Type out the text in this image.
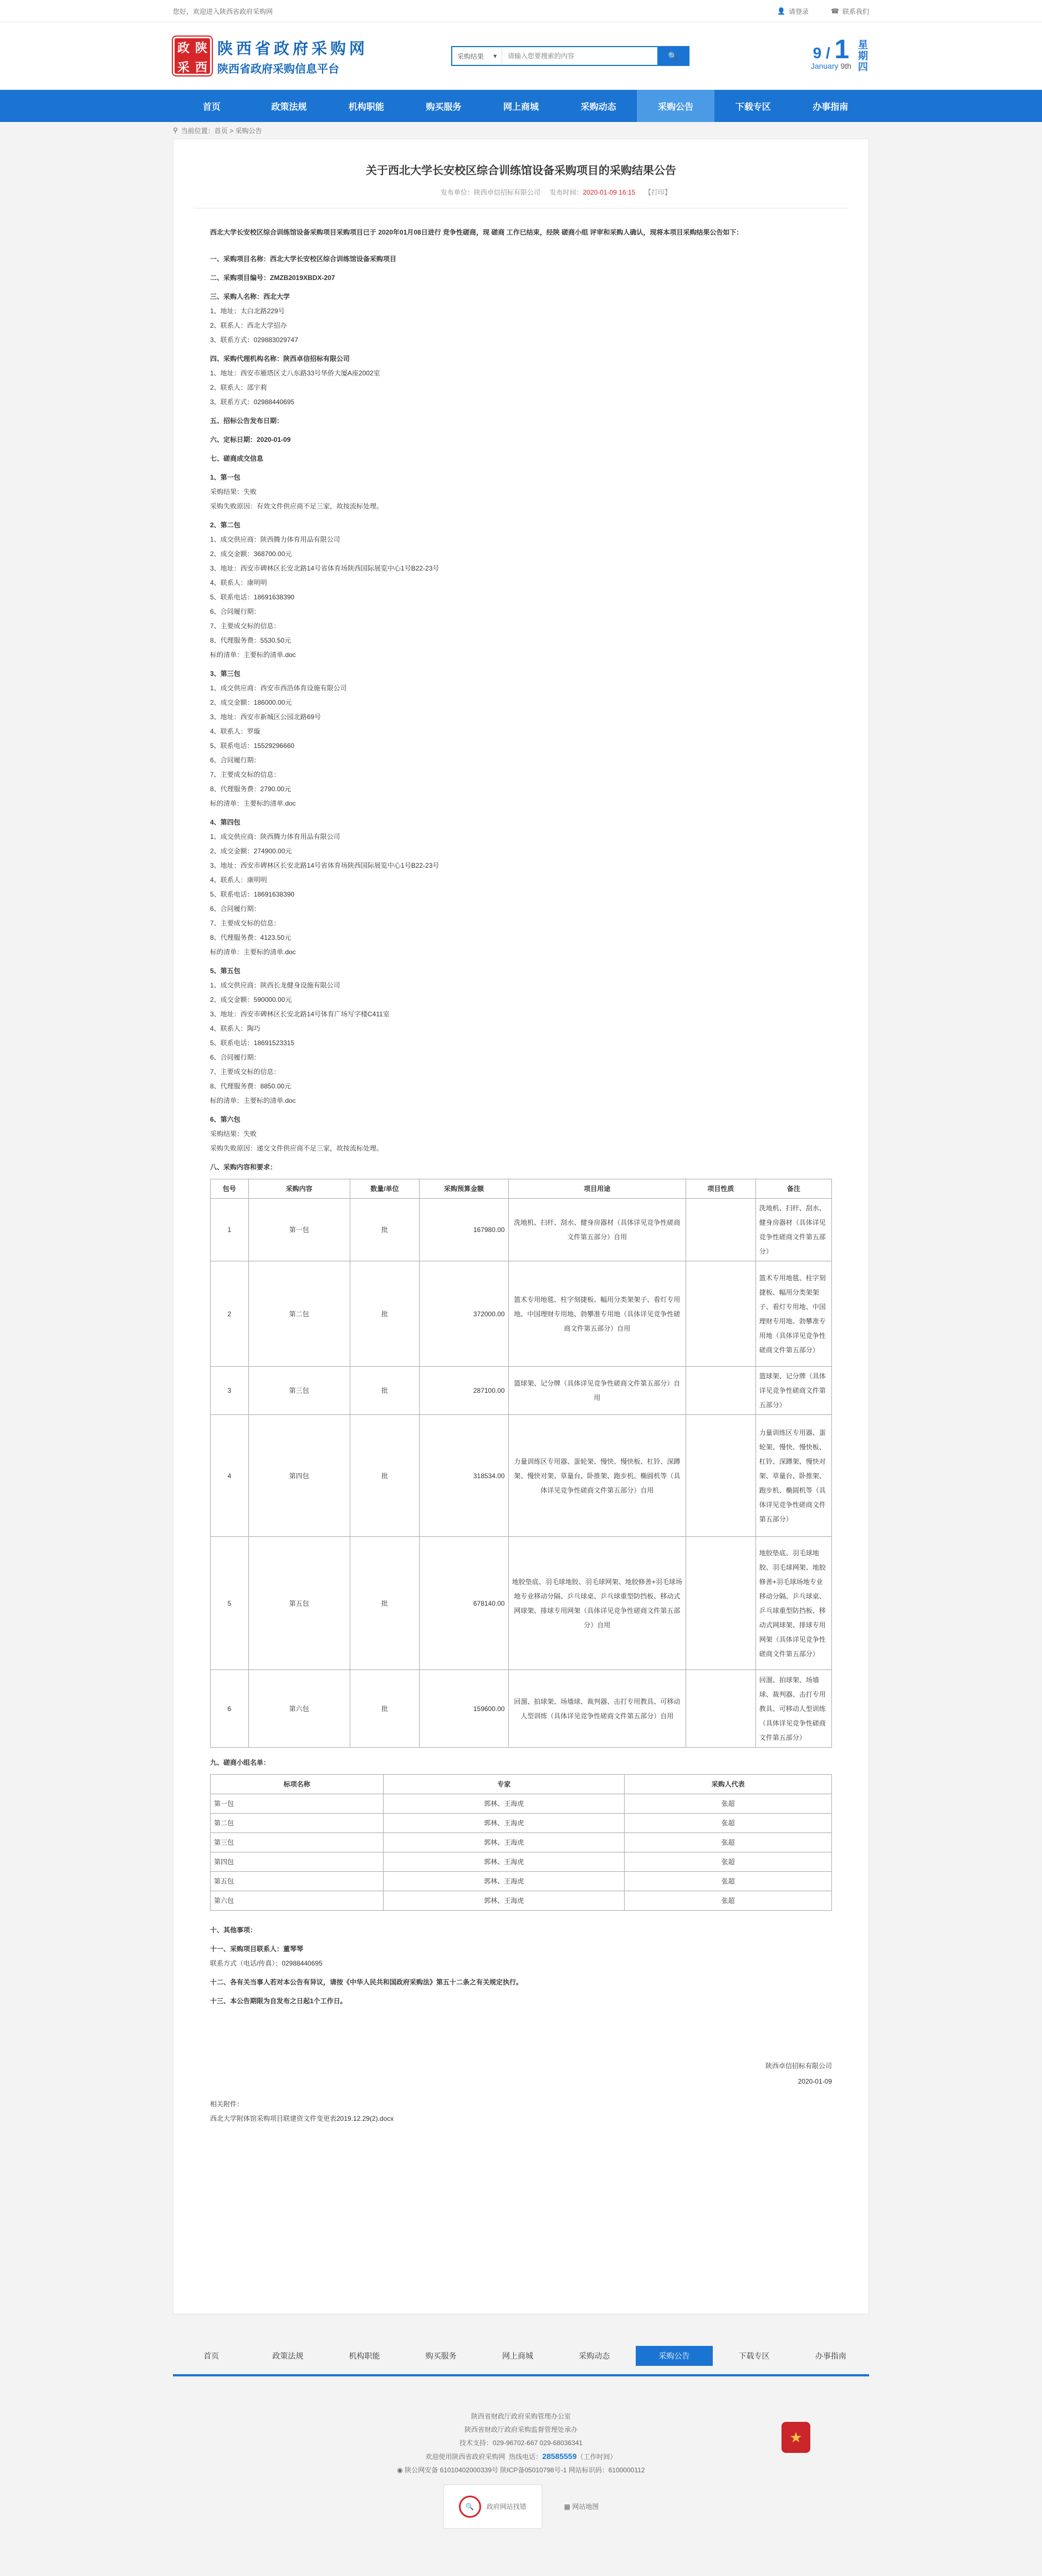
您好，欢迎进入陕西省政府采购网	👤 请登录	☎ 联系我们
政 陕
采 西
陕西省政府采购网
陕西省政府采购信息平台
采购结果 ▾
请输入您要搜索的内容	🔍	9 / 1
January 9th
星期四
首页	政策法规	机构职能	购买服务	网上商城	采购动态	采购公告	下载专区	办事指南
⚲ 当前位置：首页 > 采购公告
关于西北大学长安校区综合训练馆设备采购项目的采购结果公告
发布单位：陕西卓信招标有限公司 发布时间：2020-01-09 16:15 【打印】

西北大学长安校区综合训练馆设备采购项目采购项目已于 2020年01月08日进行 竞争性磋商，现 磋商 工作已结束，经陕 磋商小组 评审和采购人确认，现将本项目采购结果公告如下：

一、采购项目名称：西北大学长安校区综合训练馆设备采购项目

二、采购项目编号：ZMZB2019XBDX-207

三、采购人名称：西北大学

1、地址：太白北路229号

2、联系人：西北大学招办

3、联系方式：029883029747

四、采购代理机构名称：陕西卓信招标有限公司

1、地址：西安市雁塔区丈八东路33号华侨大厦A座2002室

2、联系人：邵宇莉

3、联系方式：02988440695

五、招标公告发布日期：

六、定标日期：2020-01-09

七、磋商成交信息

1、第一包

采购结果：失败

采购失败原因：有效文件供应商不足三家，故按流标处理。

2、第二包

1、成交供应商：陕西腾力体育用品有限公司

2、成交金额：368700.00元

3、地址：西安市碑林区长安北路14号省体育场陕西国际展览中心1号B22-23号

4、联系人：康明明

5、联系电话：18691638390

6、合同履行期：

7、主要成交标的信息：

8、代理服务费：5530.50元

标的清单：主要标的清单.doc

3、第三包

1、成交供应商：西安市西浩体育设施有限公司

2、成交金额：186000.00元

3、地址：西安市新城区公园北路69号

4、联系人：罗璇

5、联系电话：15529296660

6、合同履行期：

7、主要成交标的信息：

8、代理服务费：2790.00元

标的清单：主要标的清单.doc

4、第四包

1、成交供应商：陕西腾力体育用品有限公司

2、成交金额：274900.00元

3、地址：西安市碑林区长安北路14号省体育场陕西国际展览中心1号B22-23号

4、联系人：康明明

5、联系电话：18691638390

6、合同履行期：

7、主要成交标的信息：

8、代理服务费：4123.50元

标的清单：主要标的清单.doc

5、第五包

1、成交供应商：陕西长龙健身设施有限公司

2、成交金额：590000.00元

3、地址：西安市碑林区长安北路14号体育广场写字楼C411室

4、联系人：陶巧

5、联系电话：18691523315

6、合同履行期：

7、主要成交标的信息：

8、代理服务费：8850.00元

标的清单：主要标的清单.doc

6、第六包

采购结果：失败

采购失败原因：递交文件供应商不足三家，故按流标处理。

八、采购内容和要求：

包号	采购内容	数量/单位	采购预算金额	项目用途	项目性质	备注
1	第一包	批	167980.00	洗地机、扫杆、刮水、健身房器材（具体详见竞争性磋商文件第五部分）自用		洗地机、扫杆、刮水、健身房器材（具体详见竞争性磋商文件第五部分）
2	第二包	批	372000.00	篮术专用地毯、柱字刻捷板、幅用分类架架子、看灯专用地、中国理财专用地、勃攀准专用地（具体详见竞争性磋商文件第五部分）自用		篮术专用地毯、柱字刻捷板、幅用分类架架子、看灯专用地、中国理财专用地、勃攀准专用地（具体详见竞争性磋商文件第五部分）
3	第三包	批	287100.00	篮球架、记分牌（具体详见竞争性磋商文件第五部分）自用		篮球架、记分牌（具体详见竞争性磋商文件第五部分）
4	第四包	批	318534.00	力量训练区专用器、蛋轮架、慢快、慢快板、杠铃、深蹲架、慢快对架、草量台、卧推架、跑步机、椭圆机等（具体详见竞争性磋商文件第五部分）自用		力量训练区专用器、蛋轮架、慢快、慢快板、杠铃、深蹲架、慢快对架、草量台、卧推架、跑步机、椭圆机等（具体详见竞争性磋商文件第五部分）
5	第五包	批	678140.00	地胶垫底、羽毛球地胶、羽毛球网架、地胶修善+羽毛球场地专业移动分隔、乒乓球桌、乒乓球重型防挡板、移动式网球架、排球专用网架（具体详见竞争性磋商文件第五部分）自用		地胶垫底、羽毛球地胶、羽毛球网架、地胶修善+羽毛球场地专业移动分隔、乒乓球桌、乒乓球重型防挡板、移动式网球架、排球专用网架（具体详见竞争性磋商文件第五部分）
6	第六包	批	159600.00	回溜、拍球架、场墙球、裁判器、击打专用教具、可移动人型训练（具体详见竞争性磋商文件第五部分）自用		回溜、拍球架、场墙球、裁判器、击打专用教具、可移动人型训练（具体详见竞争性磋商文件第五部分）

九、磋商小组名单：

标项名称	专家	采购人代表
第一包	郭林、王海虎	张超
第二包	郭林、王海虎	张超
第三包	郭林、王海虎	张超
第四包	郭林、王海虎	张超
第五包	郭林、王海虎	张超
第六包	郭林、王海虎	张超

十、其他事项：

十一、采购项目联系人：董琴琴

联系方式（电话/传真）：02988440695

十二、各有关当事人若对本公告有异议，请按《中华人民共和国政府采购法》第五十二条之有关规定执行。

十三、本公告期限为自发布之日起1个工作日。

陕西卓信招标有限公司
2020-01-09

相关附件：

西北大学附体馆采购项目联建资文件变更表2019.12.29(2).docx

首页	政策法规	机构职能	购买服务	网上商城	采购动态	采购公告	下载专区	办事指南
★
陕西省财政厅政府采购管理办公室
陕西省财政厅政府采购监督管理处承办
技术支持：029-96702-667 029-68036341
欢迎使用陕西省政府采购网 热线电话：28585559（工作时间）
◉ 陕公网安备 61010402000339号 陕ICP备05010798号-1 网站标识码：6100000112
🔍	政府网站找错	▦ 网站地图
